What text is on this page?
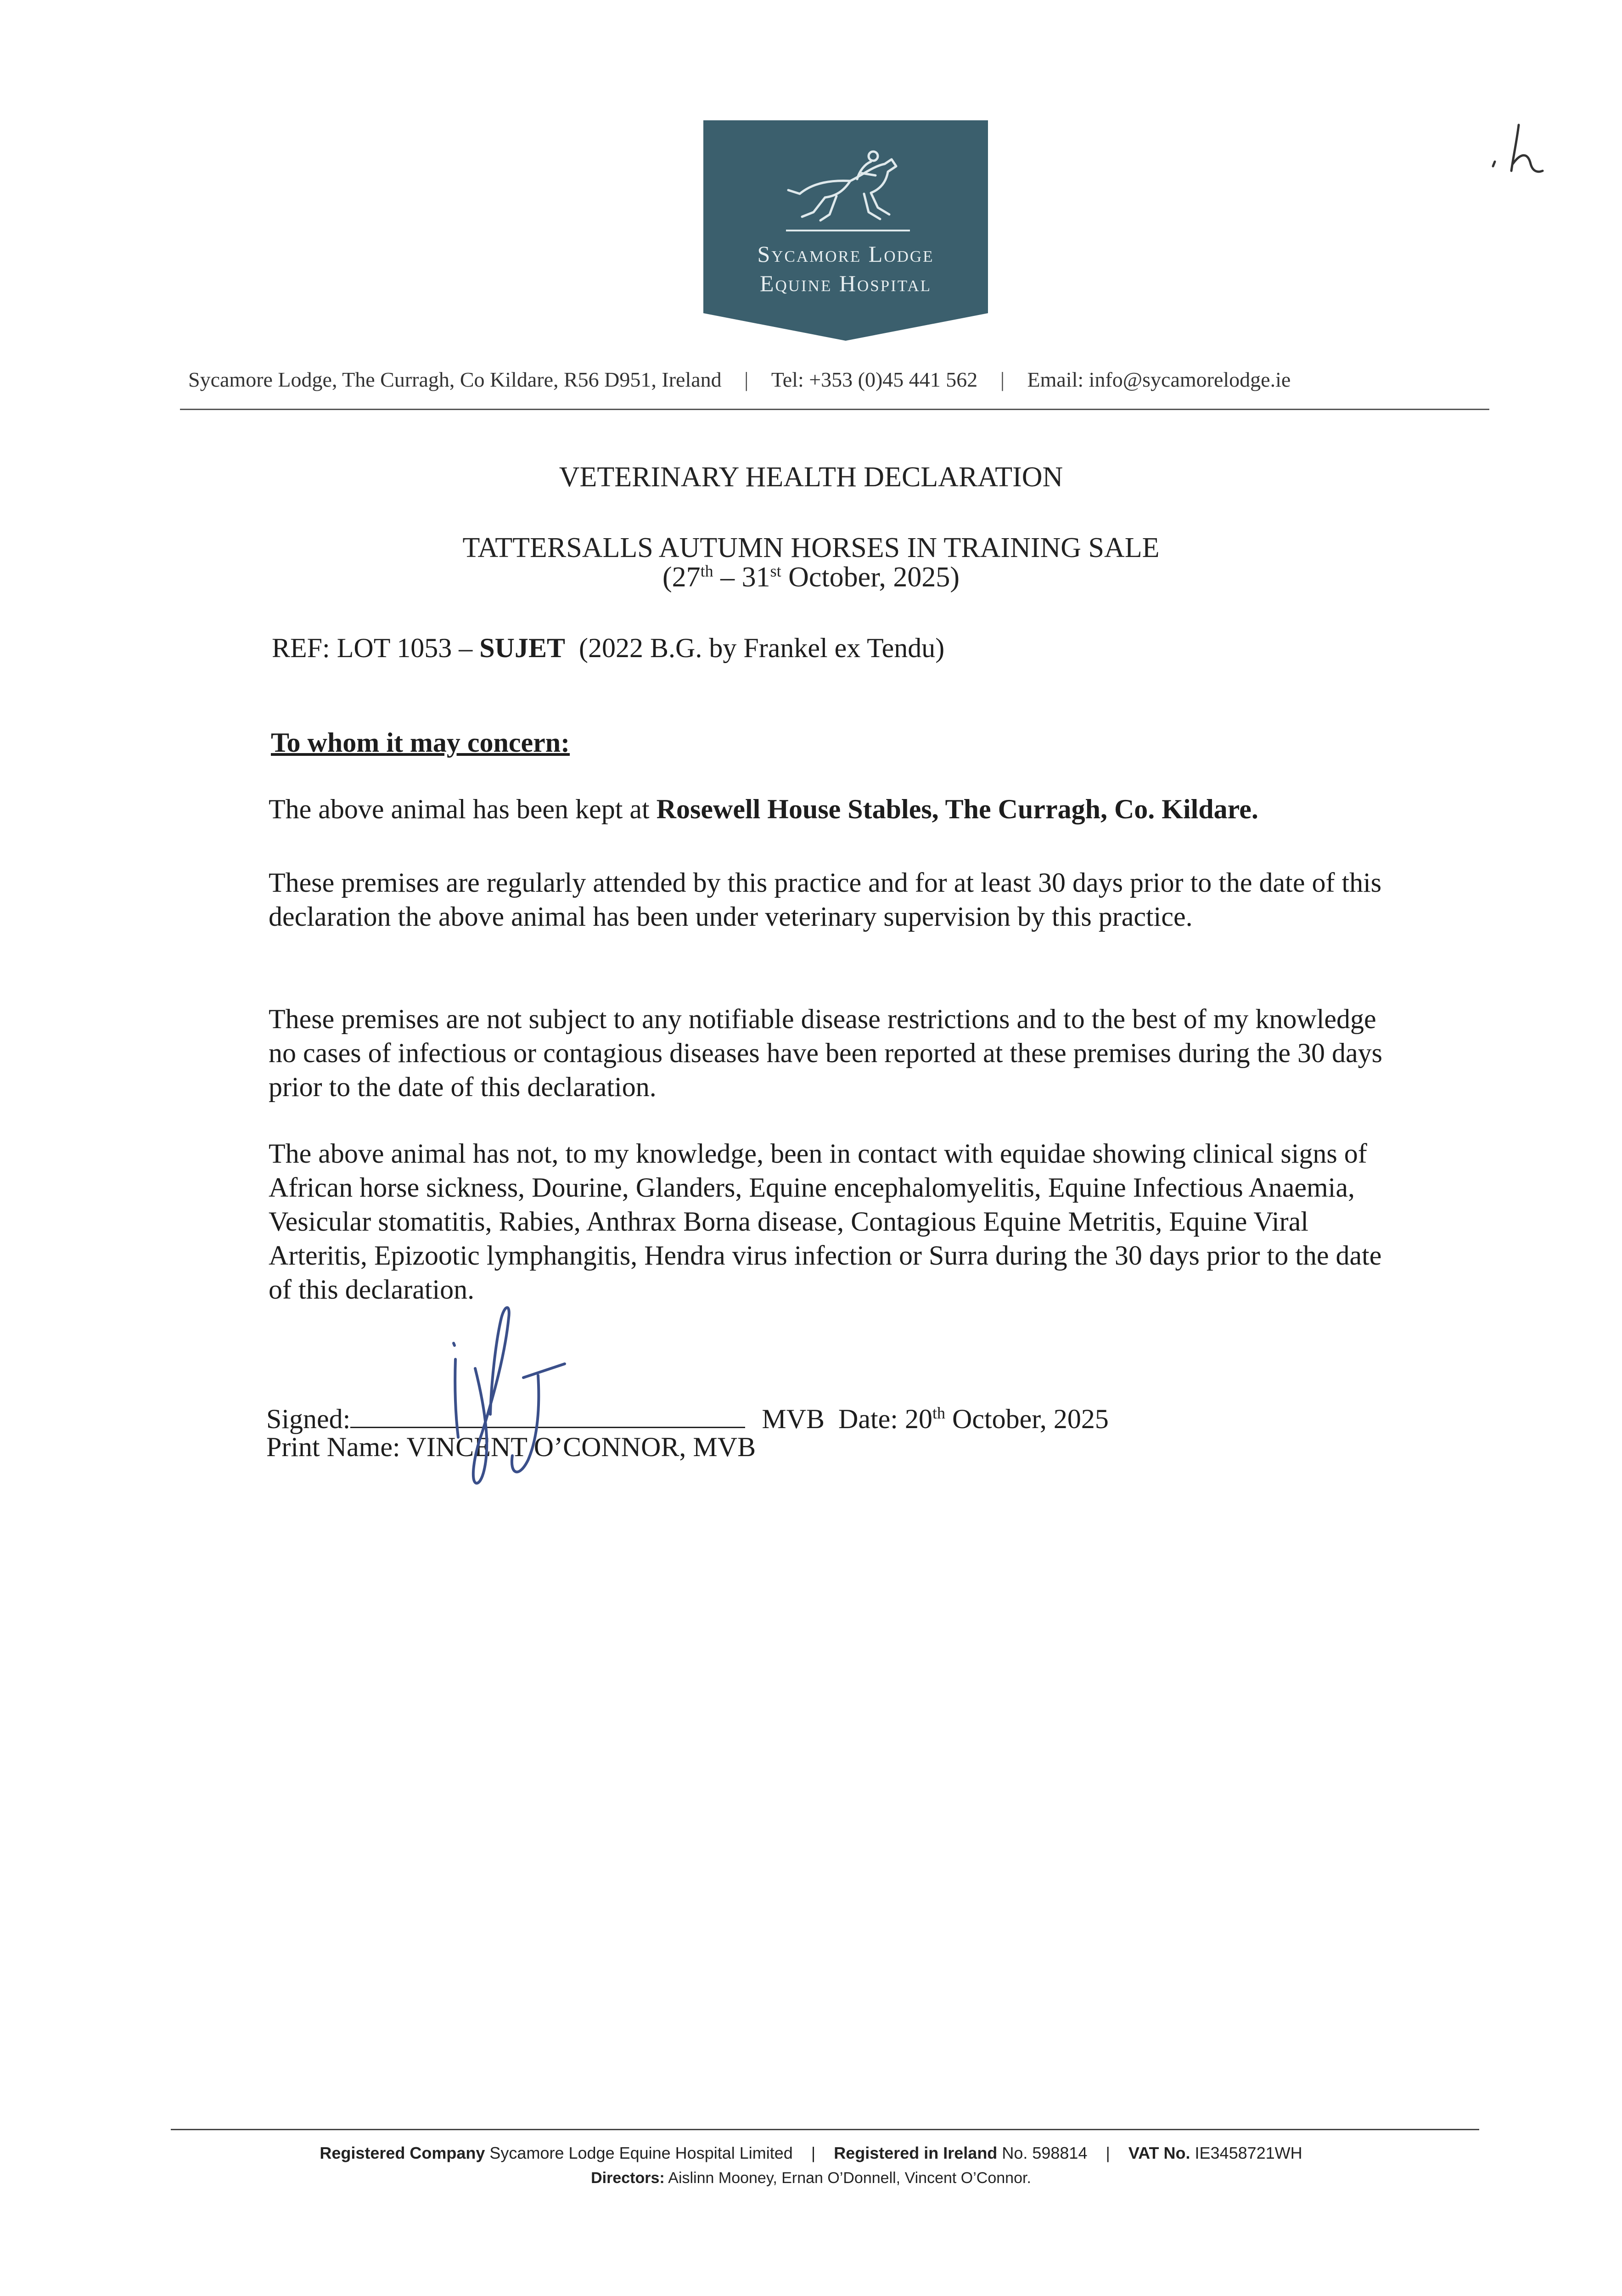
Sycamore Lodge
Equine Hospital
Sycamore Lodge, The Curragh, Co Kildare, R56 D951, Ireland | Tel: +353 (0)45 441 562 | Email: info@sycamorelodge.ie
VETERINARY HEALTH DECLARATION
TATTERSALLS AUTUMN HORSES IN TRAINING SALE
(27th – 31st October, 2025)
REF: LOT 1053 – SUJET  (2022 B.G. by Frankel ex Tendu)
To whom it may concern:
The above animal has been kept at Rosewell House Stables, The Curragh, Co. Kildare.
These premises are regularly attended by this practice and for at least 30 days prior to the date of this declaration the above animal has been under veterinary supervision by this practice.
These premises are not subject to any notifiable disease restrictions and to the best of my knowledge no cases of infectious or contagious diseases have been reported at these premises during the 30 days prior to the date of this declaration.
The above animal has not, to my knowledge, been in contact with equidae showing clinical signs of African horse sickness, Dourine, Glanders, Equine encephalomyelitis, Equine Infectious Anaemia, Vesicular stomatitis, Rabies, Anthrax Borna disease, Contagious Equine Metritis, Equine Viral Arteritis, Epizootic lymphangitis, Hendra virus infection or Surra during the 30 days prior to the date of this declaration.
Signed:	MVB Date: 20th October, 2025
Print Name: VINCENT O’CONNOR, MVB
Registered Company Sycamore Lodge Equine Hospital Limited | Registered in Ireland No. 598814 | VAT No. IE3458721WH
Directors: Aislinn Mooney, Ernan O’Donnell, Vincent O’Connor.
